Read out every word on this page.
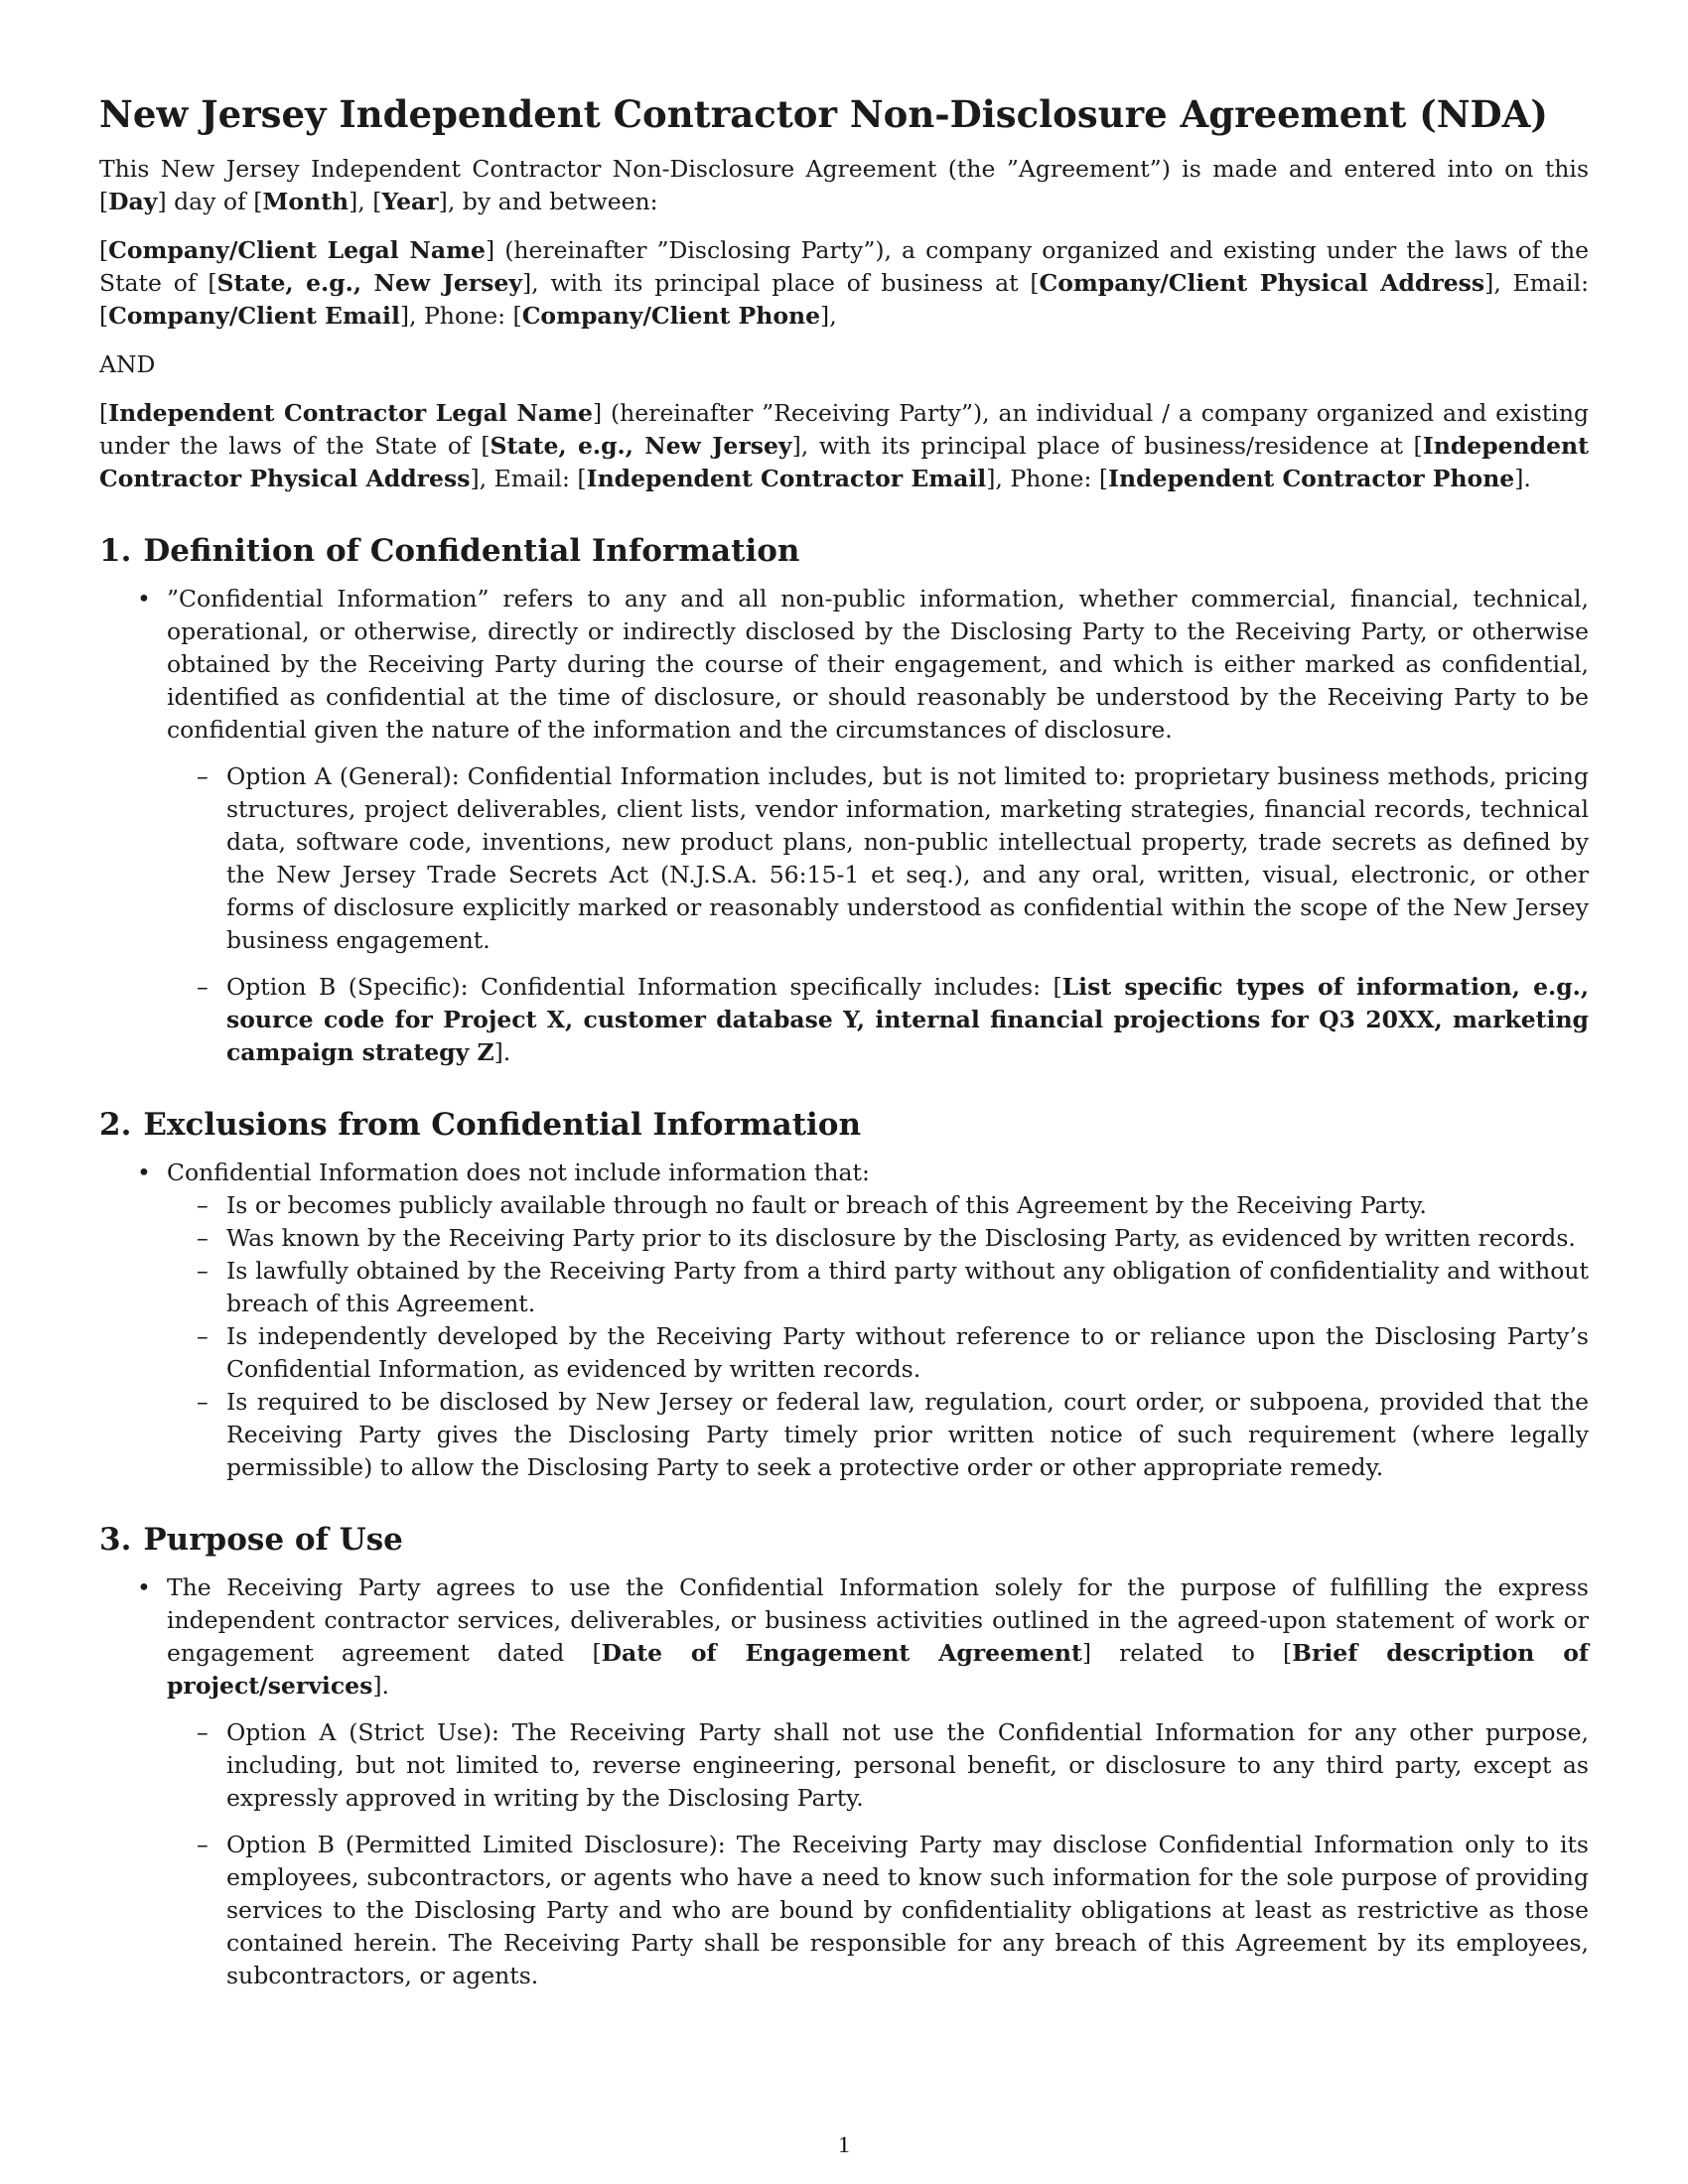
New Jersey Independent Contractor Non-Disclosure Agreement (NDA)

This New Jersey Independent Contractor Non-Disclosure Agreement (the ”Agreement”) is made and entered into on this [Day] day of [Month], [Year], by and between:

[Company/Client Legal Name] (hereinafter ”Disclosing Party”), a company organized and existing under the laws of the State of [State, e.g., New Jersey], with its principal place of business at [Company/Client Physical Address], Email: [Company/Client Email], Phone: [Company/Client Phone],

AND

[Independent Contractor Legal Name] (hereinafter ”Receiving Party”), an individual / a company organized and existing under the laws of the State of [State, e.g., New Jersey], with its principal place of business/residence at [Independent Contractor Physical Address], Email: [Independent Contractor Email], Phone: [Independent Contractor Phone].

1. Definition of Confidential Information
• ”Confidential Information” refers to any and all non-public information, whether commercial, financial, technical, operational, or otherwise, directly or indirectly disclosed by the Disclosing Party to the Receiving Party, or otherwise obtained by the Receiving Party during the course of their engagement, and which is either marked as confidential, identified as confidential at the time of disclosure, or should reasonably be understood by the Receiving Party to be confidential given the nature of the information and the circumstances of disclosure.
– Option A (General): Confidential Information includes, but is not limited to: proprietary business methods, pricing structures, project deliverables, client lists, vendor information, marketing strategies, financial records, technical data, software code, inventions, new product plans, non-public intellectual property, trade secrets as defined by the New Jersey Trade Secrets Act (N.J.S.A. 56:15-1 et seq.), and any oral, written, visual, electronic, or other forms of disclosure explicitly marked or reasonably understood as confidential within the scope of the New Jersey business engagement.
– Option B (Specific): Confidential Information specifically includes: [List specific types of information, e.g., source code for Project X, customer database Y, internal financial projections for Q3 20XX, marketing campaign strategy Z].
2. Exclusions from Confidential Information
• Confidential Information does not include information that:
– Is or becomes publicly available through no fault or breach of this Agreement by the Receiving Party.
– Was known by the Receiving Party prior to its disclosure by the Disclosing Party, as evidenced by written records.
– Is lawfully obtained by the Receiving Party from a third party without any obligation of confidentiality and without breach of this Agreement.
– Is independently developed by the Receiving Party without reference to or reliance upon the Disclosing Party’s Confidential Information, as evidenced by written records.
– Is required to be disclosed by New Jersey or federal law, regulation, court order, or subpoena, provided that the Receiving Party gives the Disclosing Party timely prior written notice of such requirement (where legally permissible) to allow the Disclosing Party to seek a protective order or other appropriate remedy.
3. Purpose of Use
• The Receiving Party agrees to use the Confidential Information solely for the purpose of fulfilling the express independent contractor services, deliverables, or business activities outlined in the agreed-upon statement of work or engagement agreement dated [Date of Engagement Agreement] related to [Brief description of project/services].
– Option A (Strict Use): The Receiving Party shall not use the Confidential Information for any other purpose, including, but not limited to, reverse engineering, personal benefit, or disclosure to any third party, except as expressly approved in writing by the Disclosing Party.
– Option B (Permitted Limited Disclosure): The Receiving Party may disclose Confidential Information only to its employees, subcontractors, or agents who have a need to know such information for the sole purpose of providing services to the Disclosing Party and who are bound by confidentiality obligations at least as restrictive as those contained herein. The Receiving Party shall be responsible for any breach of this Agreement by its employees, subcontractors, or agents.
1
